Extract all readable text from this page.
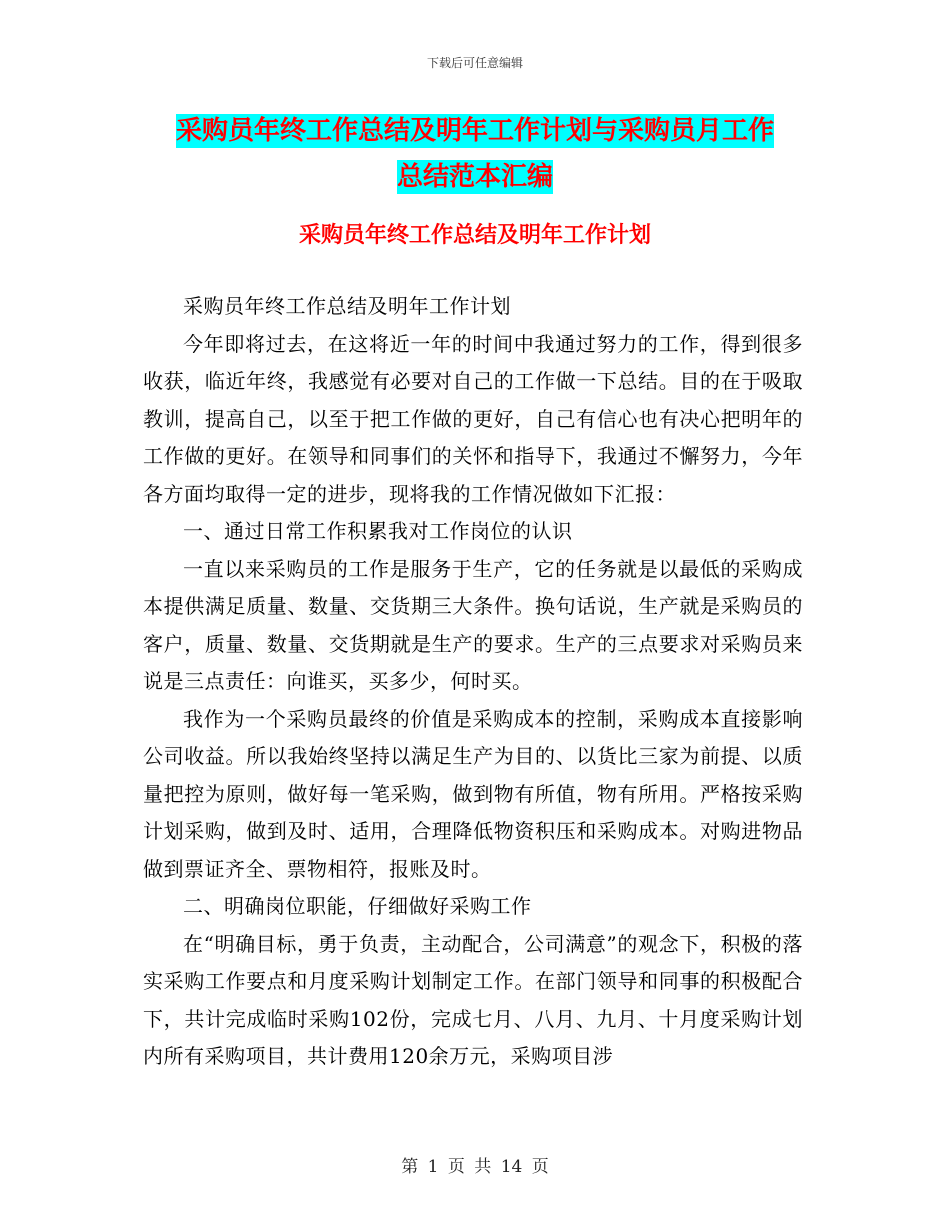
下载后可任意编辑
采购员年终工作总结及明年工作计划与采购员月工作
总结范本汇编
采购员年终工作总结及明年工作计划

采购员年终工作总结及明年工作计划

今年即将过去，在这将近一年的时间中我通过努力的工作，得到很多收获，临近年终，我感觉有必要对自己的工作做一下总结。目的在于吸取教训，提高自己，以至于把工作做的更好，自己有信心也有决心把明年的工作做的更好。在领导和同事们的关怀和指导下，我通过不懈努力，今年各方面均取得一定的进步，现将我的工作情况做如下汇报：

一、通过日常工作积累我对工作岗位的认识

一直以来采购员的工作是服务于生产，它的任务就是以最低的采购成本提供满足质量、数量、交货期三大条件。换句话说，生产就是采购员的客户，质量、数量、交货期就是生产的要求。生产的三点要求对采购员来说是三点责任：向谁买，买多少，何时买。

我作为一个采购员最终的价值是采购成本的控制，采购成本直接影响公司收益。所以我始终坚持以满足生产为目的、以货比三家为前提、以质量把控为原则，做好每一笔采购，做到物有所值，物有所用。严格按采购计划采购，做到及时、适用，合理降低物资积压和采购成本。对购进物品做到票证齐全、票物相符，报账及时。

二、明确岗位职能，仔细做好采购工作

在“明确目标，勇于负责，主动配合，公司满意”的观念下，积极的落实采购工作要点和月度采购计划制定工作。在部门领导和同事的积极配合下，共计完成临时采购102份，完成七月、八月、九月、十月度采购计划内所有采购项目，共计费用120余万元，采购项目涉

第 1 页 共 14 页
